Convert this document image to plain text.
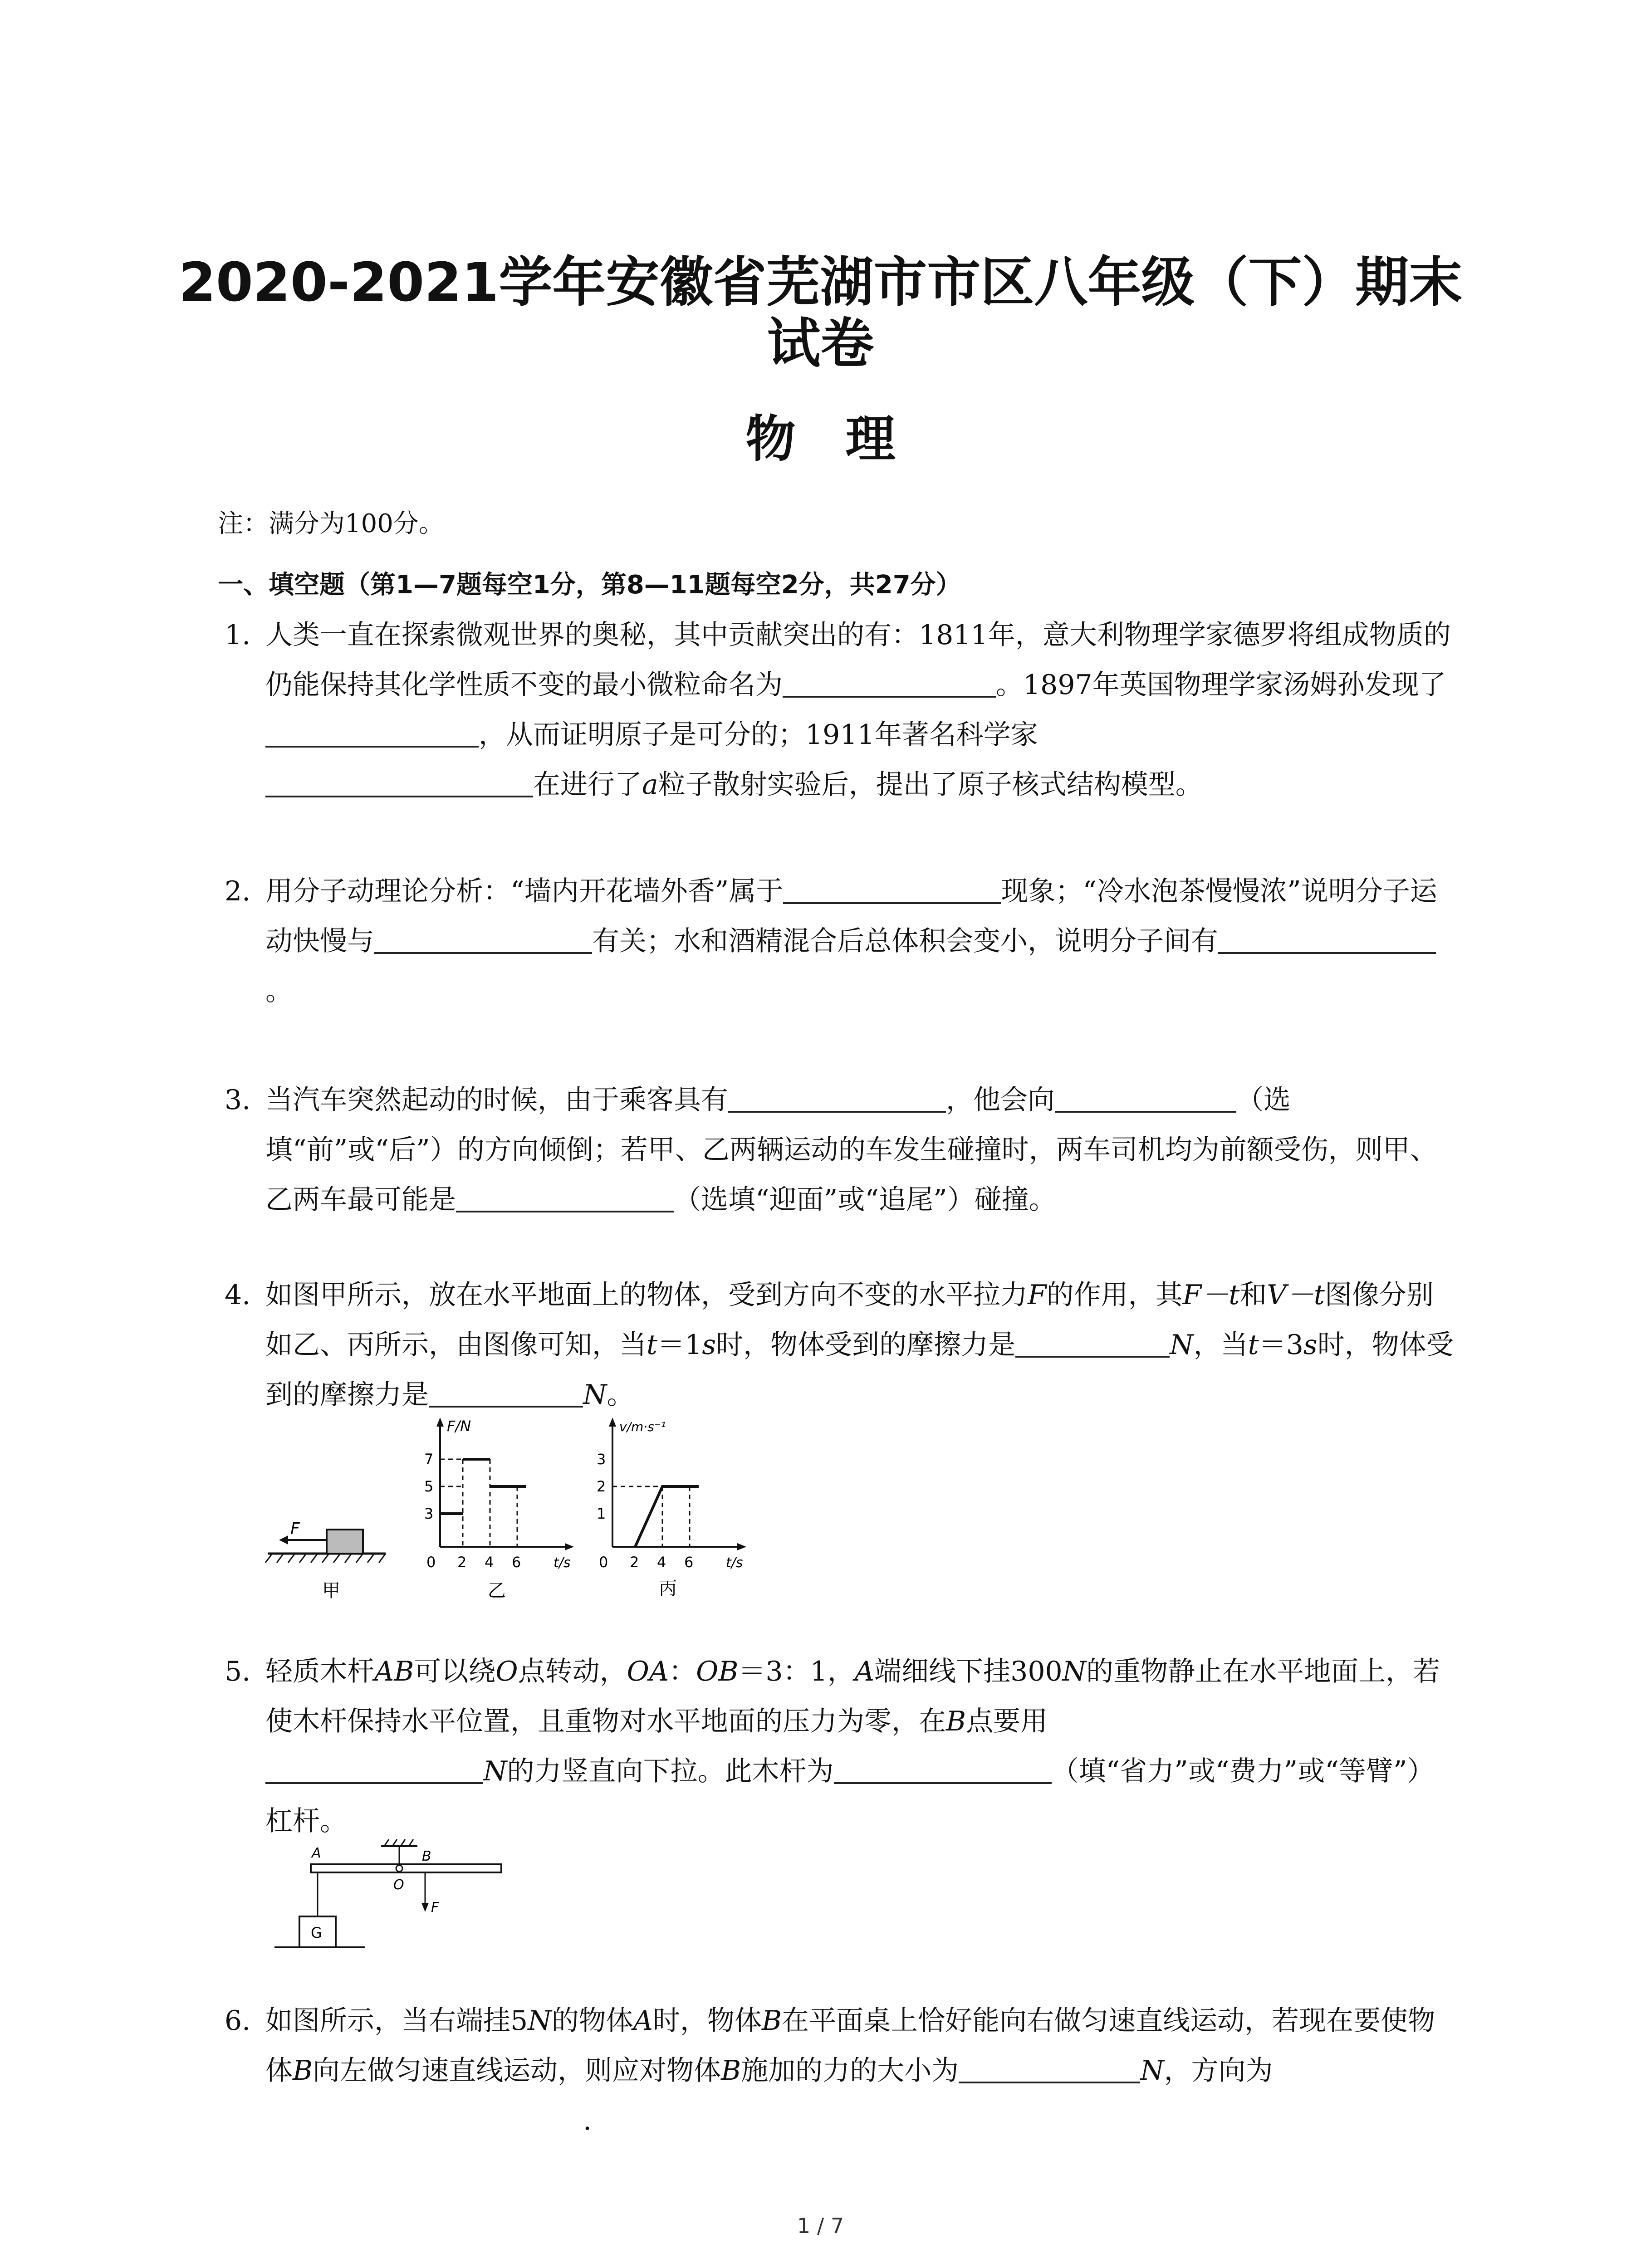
2020-2021学年安徽省芜湖市市区八年级（下）期末试卷
物理
注：满分为100分。
一、填空题（第1—7题每空1分，第8—11题每空2分，共27分）
1. 人类一直在探索微观世界的奥秘，其中贡献突出的有：1811年，意大利物理学家德罗将组成物质的仍能保持其化学性质不变的最小微粒命名为	。1897年英国物理学家汤姆孙发现了，从而证明原子是可分的；1911年著名科学家
在进行了a粒子散射实验后，提出了原子核式结构模型。
2. 用分子动理论分析：“墙内开花墙外香”属于	现象；“冷水泡茶慢慢浓”说明分子运动快慢与	有关；水和酒精混合后总体积会变小，说明分子间有。
3. 当汽车突然起动的时候，由于乘客具有	，他会向	（选填“前”或“后”）的方向倾倒；若甲、乙两辆运动的车发生碰撞时，两车司机均为前额受伤，则甲、乙两车最可能是	（选填“迎面”或“追尾”）碰撞。
4. 如图甲所示，放在水平地面上的物体，受到方向不变的水平拉力F的作用，其F－t和V－t图像分别如乙、丙所示，由图像可知，当t＝1s时，物体受到的摩擦力是	N，当t＝3s时，物体受到的摩擦力是	N。
F
甲
F/N
t/s
7
5
3
0 2 4 6
乙
v/m·s⁻¹
t/s
3
2
1
0 2 4 6
丙
5. 轻质木杆AB可以绕O点转动，OA：OB＝3：1，A端细线下挂300N的重物静止在水平地面上，若使木杆保持水平位置，且重物对水平地面的压力为零，在B点要用
N的力竖直向下拉。此木杆为	（填“省力”或“费力”或“等臂”）杠杆。
A	B
O
G
F
6. 如图所示，当右端挂5N的物体A时，物体B在平面桌上恰好能向右做匀速直线运动，若现在要使物体B向左做匀速直线运动，则应对物体B施加的力的大小为	N，方向为.
1 / 7
